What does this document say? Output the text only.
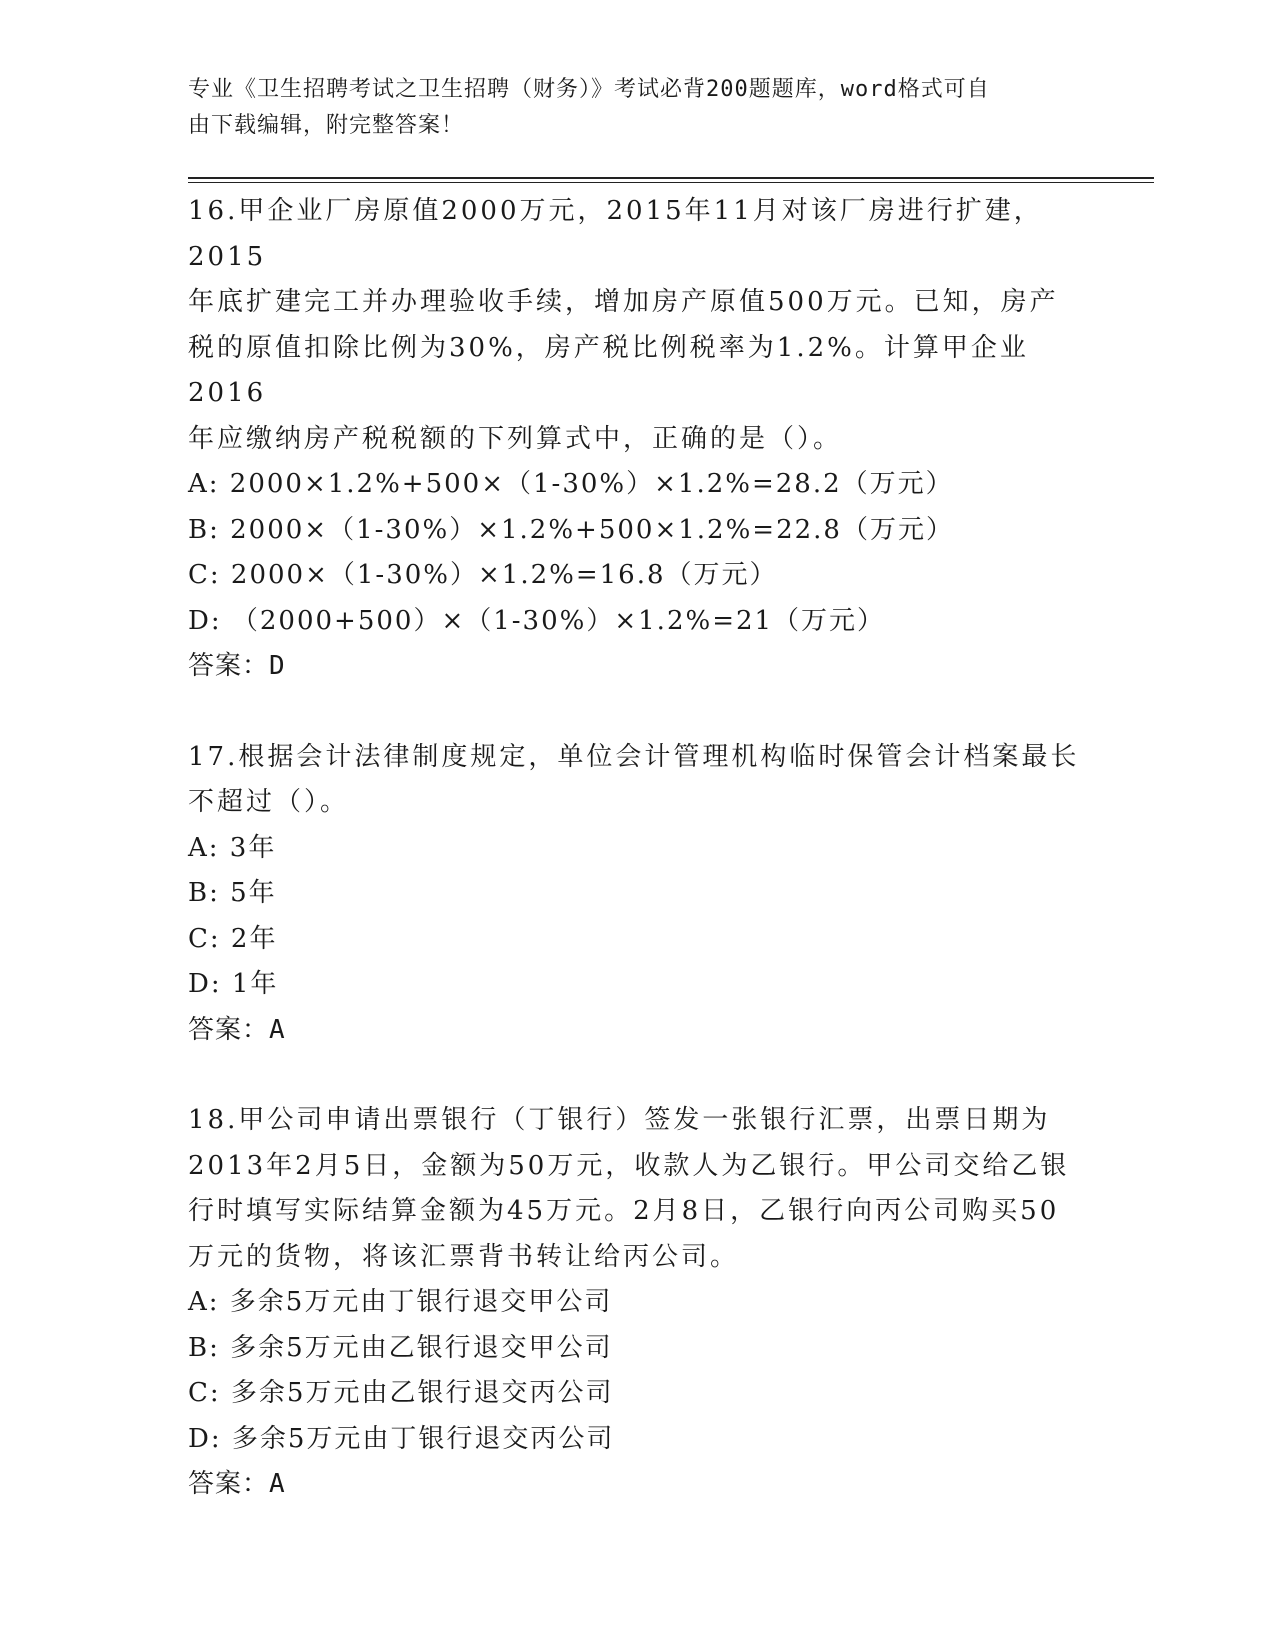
专业《卫生招聘考试之卫生招聘（财务）》考试必背200题题库，word格式可自
由下载编辑，附完整答案！

16.甲企业厂房原值2000万元，2015年11月对该厂房进行扩建，2015

年底扩建完工并办理验收手续，增加房产原值500万元。已知，房产

税的原值扣除比例为30%，房产税比例税率为1.2%。计算甲企业2016

年应缴纳房产税税额的下列算式中，正确的是（）。

A: 2000×1.2%+500×（1-30%）×1.2%=28.2（万元）

B: 2000×（1-30%）×1.2%+500×1.2%=22.8（万元）

C: 2000×（1-30%）×1.2%=16.8（万元）

D: （2000+500）×（1-30%）×1.2%=21（万元）

答案：D

17.根据会计法律制度规定，单位会计管理机构临时保管会计档案最长

不超过（）。

A: 3年

B: 5年

C: 2年

D: 1年

答案：A

18.甲公司申请出票银行（丁银行）签发一张银行汇票，出票日期为

2013年2月5日，金额为50万元，收款人为乙银行。甲公司交给乙银

行时填写实际结算金额为45万元。2月8日，乙银行向丙公司购买50

万元的货物，将该汇票背书转让给丙公司。

A: 多余5万元由丁银行退交甲公司

B: 多余5万元由乙银行退交甲公司

C: 多余5万元由乙银行退交丙公司

D: 多余5万元由丁银行退交丙公司

答案：A
